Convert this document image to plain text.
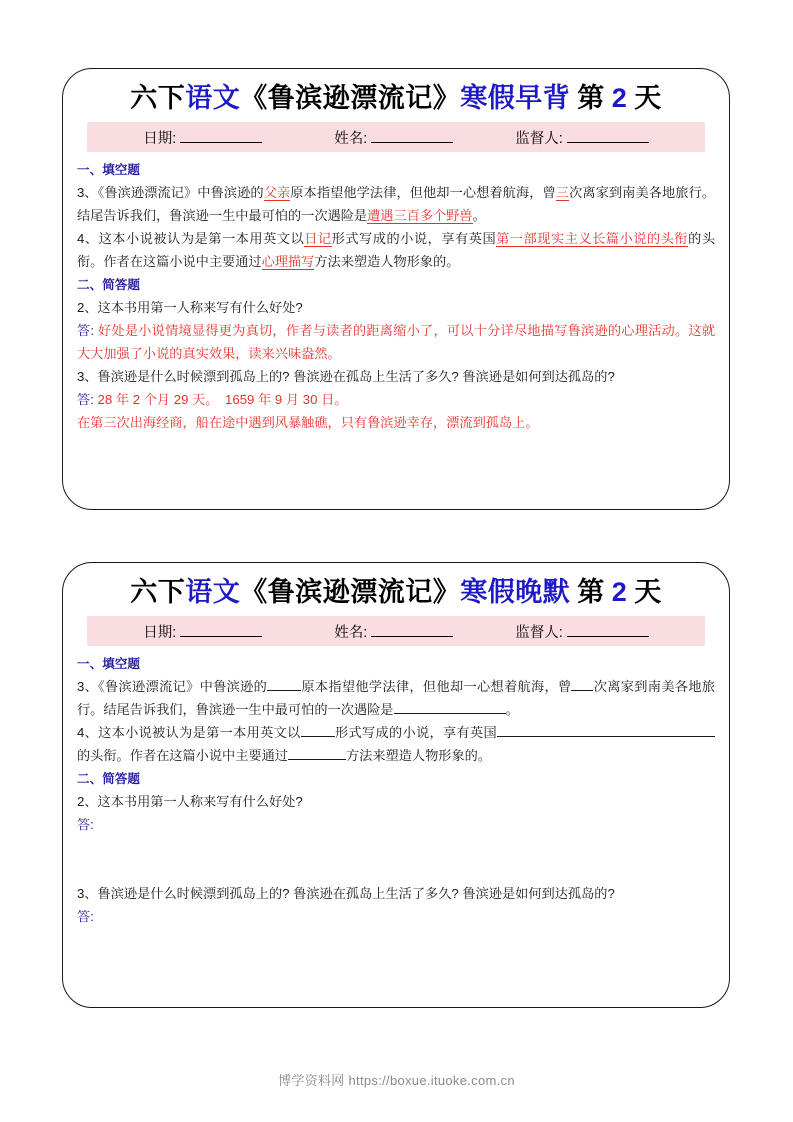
六下语文《鲁滨逊漂流记》寒假早背 第 2 天
日期:	姓名:	监督人:
一、填空题
3、《鲁滨逊漂流记》中鲁滨逊的父亲原本指望他学法律，但他却一心想着航海，曾三次离家到南美各地旅行。结尾告诉我们，鲁滨逊一生中最可怕的一次遇险是遭遇三百多个野兽。
4、这本小说被认为是第一本用英文以日记形式写成的小说，享有英国第一部现实主义长篇小说的头衔的头衔。作者在这篇小说中主要通过心理描写方法来塑造人物形象的。
二、简答题
2、这本书用第一人称来写有什么好处?
答: 好处是小说情境显得更为真切，作者与读者的距离缩小了，可以十分详尽地描写鲁滨逊的心理活动。这就大大加强了小说的真实效果，读来兴味盎然。
3、鲁滨逊是什么时候漂到孤岛上的? 鲁滨逊在孤岛上生活了多久? 鲁滨逊是如何到达孤岛的?
答: 28 年 2 个月 29 天。　1659 年 9 月 30 日。
在第三次出海经商，船在途中遇到风暴触礁，只有鲁滨逊幸存，漂流到孤岛上。
六下语文《鲁滨逊漂流记》寒假晚默 第 2 天
日期:	姓名:	监督人:
一、填空题
3、《鲁滨逊漂流记》中鲁滨逊的	原本指望他学法律，但他却一心想着航海，曾 次离家到南美各地旅行。结尾告诉我们，鲁滨逊一生中最可怕的一次遇险是	。
4、这本小说被认为是第一本用英文以	形式写成的小说，享有英国的头衔。作者在这篇小说中主要通过	方法来塑造人物形象的。
二、简答题
2、这本书用第一人称来写有什么好处?
答:
3、鲁滨逊是什么时候漂到孤岛上的? 鲁滨逊在孤岛上生活了多久? 鲁滨逊是如何到达孤岛的?
答:
博学资料网 https://boxue.ituoke.com.cn
